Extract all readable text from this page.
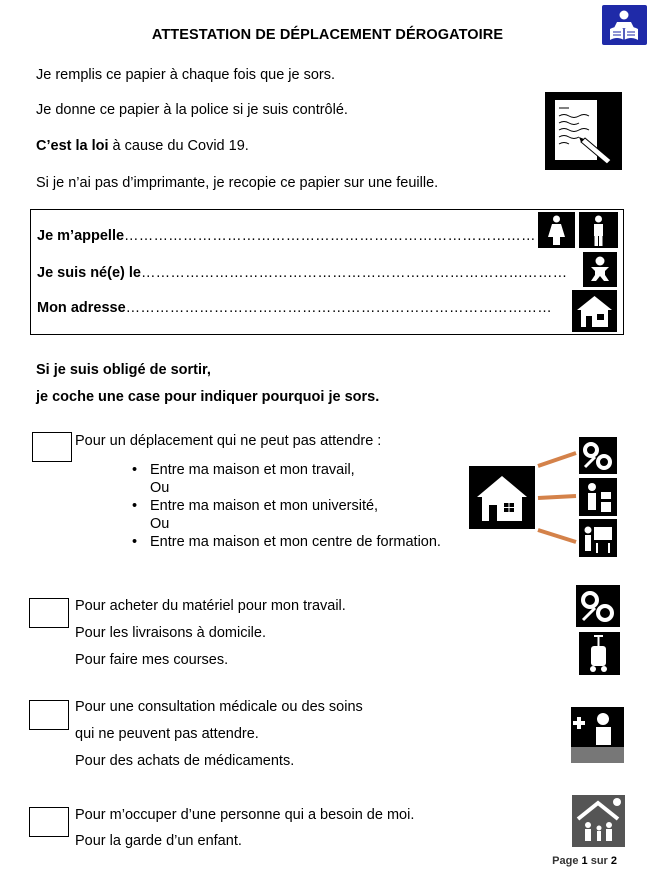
ATTESTATION DE DÉPLACEMENT DÉROGATOIRE
Je remplis ce papier à chaque fois que je sors.
Je donne ce papier à la police si je suis contrôlé.
C’est la loi à cause du Covid 19.
Si je n’ai pas d’imprimante, je recopie ce papier sur une feuille.
Je m’appelle…………………………………………………………………………
Je suis né(e) le……………………………………………………………………………
Mon adresse……………………………………………………………………………
Si je suis obligé de sortir,
je coche une case pour indiquer pourquoi je sors.
Pour un déplacement qui ne peut pas attendre :
• Entre ma maison et mon travail,
Ou
• Entre ma maison et mon université,
Ou
• Entre ma maison et mon centre de formation.
Pour acheter du matériel pour mon travail.
Pour les livraisons à domicile.
Pour faire mes courses.
Pour une consultation médicale ou des soins
qui ne peuvent pas attendre.
Pour des achats de médicaments.
Pour m’occuper d’une personne qui a besoin de moi.
Pour la garde d’un enfant.
Page 1 sur 2
